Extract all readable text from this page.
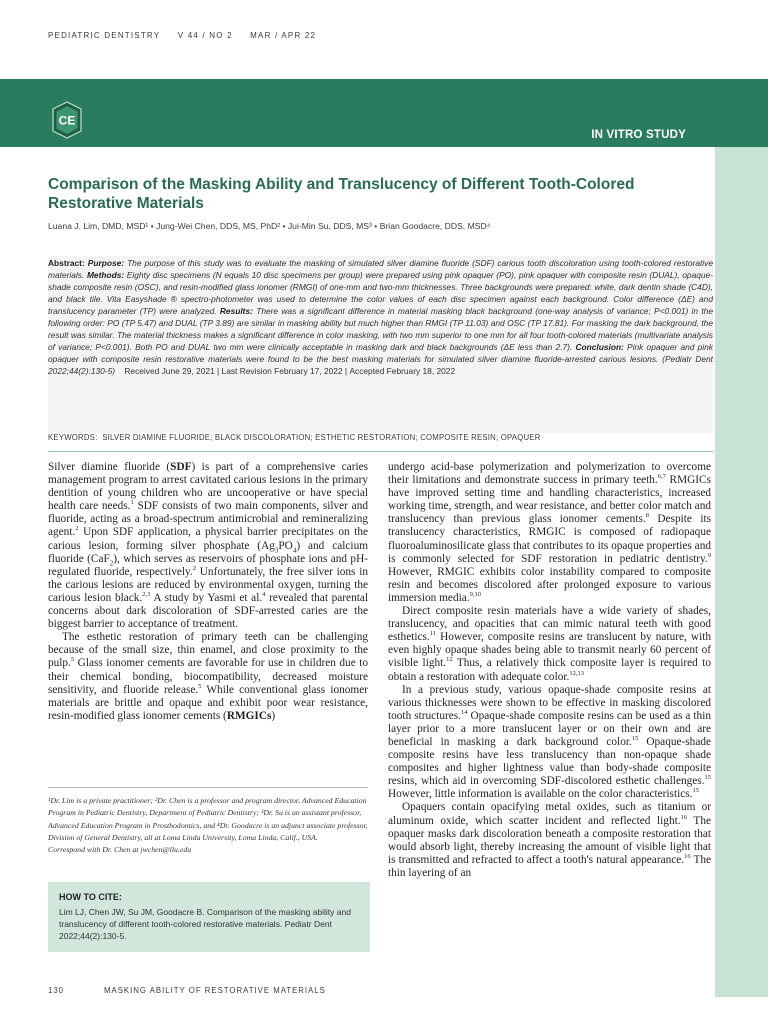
PEDIATRIC DENTISTRY V 44 / NO 2 MAR / APR 22
CE
IN VITRO STUDY
Comparison of the Masking Ability and Translucency of Different Tooth-Colored Restorative Materials
Luana J. Lim, DMD, MSD¹ • Jung-Wei Chen, DDS, MS, PhD² • Jui-Min Su, DDS, MS³ • Brian Goodacre, DDS, MSD⁴
Abstract: Purpose: The purpose of this study was to evaluate the masking of simulated silver diamine fluoride (SDF) carious tooth discoloration using tooth-colored restorative materials. Methods: Eighty disc specimens (N equals 10 disc specimens per group) were prepared using pink opaquer (PO), pink opaquer with composite resin (DUAL), opaque-shade composite resin (OSC), and resin-modified glass ionomer (RMGI) of one-mm and two-mm thicknesses. Three backgrounds were prepared: white, dark dentin shade (C4D), and black tile. Vita Easyshade ® spectro-photometer was used to determine the color values of each disc specimen against each background. Color difference (ΔE) and translucency parameter (TP) were analyzed. Results: There was a significant difference in material masking black background (one-way analysis of variance; P<0.001) in the following order: PO (TP 5.47) and DUAL (TP 3.89) are similar in masking ability but much higher than RMGI (TP 11.03) and OSC (TP 17.81). For masking the dark background, the result was similar. The material thickness makes a significant difference in color masking, with two mm superior to one mm for all four tooth-colored materials (multivariate analysis of variance; P<0.001). Both PO and DUAL two mm were clinically acceptable in masking dark and black backgrounds (ΔE less than 2.7). Conclusion: Pink opaquer and pink opaquer with composite resin restorative materials were found to be the best masking materials for simulated silver diamine fluoride-arrested carious lesions. (Pediatr Dent 2022;44(2):130-5) Received June 29, 2021 | Last Revision February 17, 2022 | Accepted February 18, 2022
KEYWORDS: SILVER DIAMINE FLUORIDE; BLACK DISCOLORATION; ESTHETIC RESTORATION; COMPOSITE RESIN; OPAQUER

Silver diamine fluoride (SDF) is part of a comprehensive caries management program to arrest cavitated carious lesions in the primary dentition of young children who are uncooperative or have special health care needs.$^1$ SDF consists of two main components, silver and fluoride, acting as a broad-spectrum antimicrobial and remineralizing agent.$^2$ Upon SDF application, a physical barrier precipitates on the carious lesion, forming silver phosphate $(Ag_3PO_4)$ and calcium fluoride (CaF$_2$), which serves as reservoirs of phosphate ions and pH-regulated fluoride, respectively.$^2$ Unfortunately, the free silver ions in the carious lesions are reduced by environmental oxygen, turning the carious lesion black.$^{2,3}$ A study by Yasmi et al.$^4$ revealed that parental concerns about dark discoloration of SDF-arrested caries are the biggest barrier to acceptance of treatment.

The esthetic restoration of primary teeth can be challenging because of the small size, thin enamel, and close proximity to the pulp.$^5$ Glass ionomer cements are favorable for use in children due to their chemical bonding, biocompatibility, decreased moisture sensitivity, and fluoride release.$^5$ While conventional glass ionomer materials are brittle and opaque and exhibit poor wear resistance, resin-modified glass ionomer cements (RMGICs)

¹Dr. Lim is a private practitioner; ²Dr. Chen is a professor and program director, Advanced Education Program in Pediatric Dentistry, Department of Pediatric Dentistry; ³Dr. Su is an assistant professor, Advanced Education Program in Prosthodontics, and ⁴Dr. Goodacre is an adjunct associate professor, Division of General Dentistry, all at Loma Linda University, Loma Linda, Calif., USA.
Correspond with Dr. Chen at jwchen@llu.edu
HOW TO CITE:
Lim LJ, Chen JW, Su JM, Goodacre B. Comparison of the masking ability and translucency of different tooth-colored restorative materials. Pediatr Dent 2022;44(2):130-5.

undergo acid-base polymerization and polymerization to overcome their limitations and demonstrate success in primary teeth.$^{6,7}$ RMGICs have improved setting time and handling characteristics, increased working time, strength, and wear resistance, and better color match and translucency than previous glass ionomer cements.$^8$ Despite its translucency characteristics, RMGIC is composed of radiopaque fluoroaluminosilicate glass that contributes to its opaque properties and is commonly selected for SDF restoration in pediatric dentistry.$^9$ However, RMGIC exhibits color instability compared to composite resin and becomes discolored after prolonged exposure to various immersion media.$^{9,10}$

Direct composite resin materials have a wide variety of shades, translucency, and opacities that can mimic natural teeth with good esthetics.$^{11}$ However, composite resins are translucent by nature, with even highly opaque shades being able to transmit nearly 60 percent of visible light.$^{12}$ Thus, a relatively thick composite layer is required to obtain a restoration with adequate color.$^{12,13}$

In a previous study, various opaque-shade composite resins at various thicknesses were shown to be effective in masking discolored tooth structures.$^{14}$ Opaque-shade composite resins can be used as a thin layer prior to a more translucent layer or on their own and are beneficial in masking a dark background color.$^{15}$ Opaque-shade composite resins have less translucency than non-opaque shade composites and higher lightness value than body-shade composite resins, which aid in overcoming SDF-discolored esthetic challenges.$^{15}$ However, little information is available on the color characteristics.$^{15}$

Opaquers contain opacifying metal oxides, such as titanium or aluminum oxide, which scatter incident and reflected light.$^{16}$ The opaquer masks dark discoloration beneath a composite restoration that would absorb light, thereby increasing the amount of visible light that is transmitted and refracted to affect a tooth's natural appearance.$^{16}$ The thin layering of an

130	MASKING ABILITY OF RESTORATIVE MATERIALS
